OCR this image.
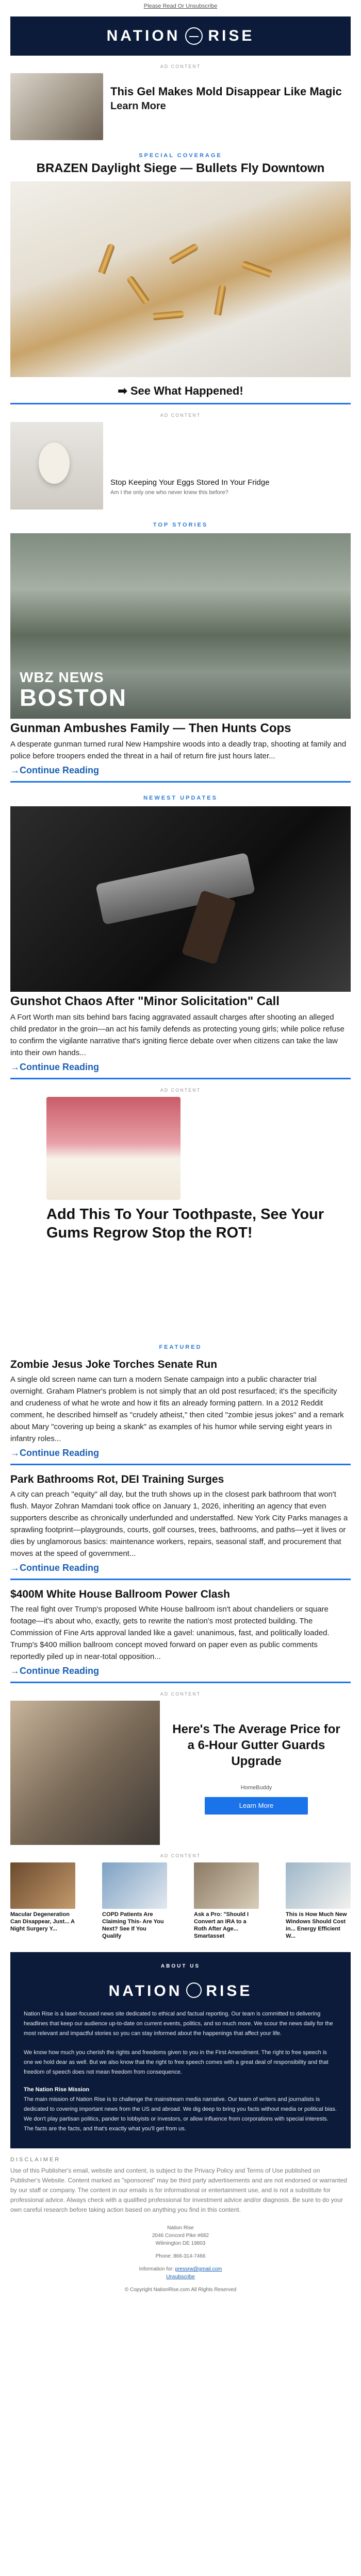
Please Read Or Unsubscribe
NATION RISE
AD CONTENT
This Gel Makes Mold Disappear Like Magic
Learn More
SPECIAL COVERAGE
BRAZEN Daylight Siege — Bullets Fly Downtown
➡ See What Happened!
AD CONTENT
Stop Keeping Your Eggs Stored In Your Fridge
Am I the only one who never knew this before?
TOP STORIES
WBZ NEWS
BOSTON
Gunman Ambushes Family — Then Hunts Cops
A desperate gunman turned rural New Hampshire woods into a deadly trap, shooting at family and police before troopers ended the threat in a hail of return fire just hours later...
→ Continue Reading
NEWEST UPDATES
Gunshot Chaos After "Minor Solicitation" Call
A Fort Worth man sits behind bars facing aggravated assault charges after shooting an alleged child predator in the groin—an act his family defends as protecting young girls; while police refuse to confirm the vigilante narrative that's igniting fierce debate over when citizens can take the law into their own hands...
→ Continue Reading
AD CONTENT
Add This To Your Toothpaste, See Your Gums Regrow Stop the ROT!
FEATURED
Zombie Jesus Joke Torches Senate Run
A single old screen name can turn a modern Senate campaign into a public character trial overnight. Graham Platner's problem is not simply that an old post resurfaced; it's the specificity and crudeness of what he wrote and how it fits an already forming pattern. In a 2012 Reddit comment, he described himself as "crudely atheist," then cited "zombie jesus jokes" and a remark about Mary "covering up being a skank" as examples of his humor while serving eight years in infantry roles...
→ Continue Reading
Park Bathrooms Rot, DEI Training Surges
A city can preach "equity" all day, but the truth shows up in the closest park bathroom that won't flush. Mayor Zohran Mamdani took office on January 1, 2026, inheriting an agency that even supporters describe as chronically underfunded and understaffed. New York City Parks manages a sprawling footprint—playgrounds, courts, golf courses, trees, bathrooms, and paths—yet it lives or dies by unglamorous basics: maintenance workers, repairs, seasonal staff, and procurement that moves at the speed of government...
→ Continue Reading
$400M White House Ballroom Power Clash
The real fight over Trump's proposed White House ballroom isn't about chandeliers or square footage—it's about who, exactly, gets to rewrite the nation's most protected building. The Commission of Fine Arts approval landed like a gavel: unanimous, fast, and politically loaded. Trump's $400 million ballroom concept moved forward on paper even as public comments reportedly piled up in near-total opposition...
→ Continue Reading
AD CONTENT
Here's The Average Price for a 6-Hour Gutter Guards Upgrade
HomeBuddy
Learn More
AD CONTENT
Macular Degeneration Can Disappear, Just... A Night Surgery Y...
COPD Patients Are Claiming This- Are You Next? See If You Qualify
Ask a Pro: "Should I Convert an IRA to a Roth After Age... Smartasset
This is How Much New Windows Should Cost in... Energy Efficient W...
ABOUT US
NATION RISE

Nation Rise is a laser-focused news site dedicated to ethical and factual reporting. Our team is committed to delivering headlines that keep our audience up-to-date on current events, politics, and so much more. We scour the news daily for the most relevant and impactful stories so you can stay informed about the happenings that affect your life.

We know how much you cherish the rights and freedoms given to you in the First Amendment. The right to free speech is one we hold dear as well. But we also know that the right to free speech comes with a great deal of responsibility and that freedom of speech does not mean freedom from consequence.

The Nation Rise Mission

The main mission of Nation Rise is to challenge the mainstream media narrative. Our team of writers and journalists is dedicated to covering important news from the US and abroad. We dig deep to bring you facts without media or political bias. We don't play partisan politics, pander to lobbyists or investors, or allow influence from corporations with special interests. The facts are the facts, and that's exactly what you'll get from us.

DISCLAIMER

Use of this Publisher's email, website and content, is subject to the Privacy Policy and Terms of Use published on Publisher's Website. Content marked as "sponsored" may be third party advertisements and are not endorsed or warranted by our staff or company. The content in our emails is for informational or entertainment use, and is not a substitute for professional advice. Always check with a qualified professional for investment advice and/or diagnosis. Be sure to do your own careful research before taking action based on anything you find in this content.

Nation Rise
2046 Concord Pike #682
Wilmington DE 19803
Phone: 866-314-7466
Information for: pressrw@gmail.com
Unsubscribe
© Copyright NationRise.com All Rights Reserved
